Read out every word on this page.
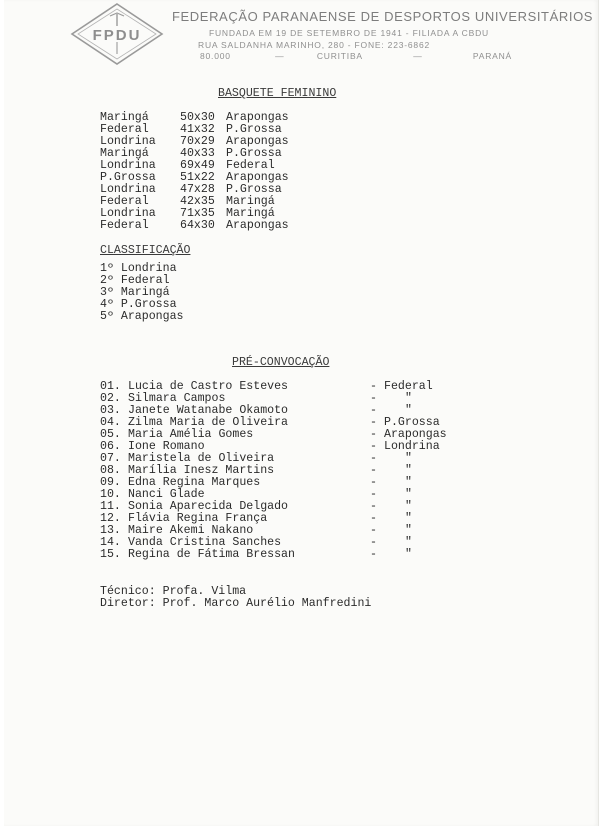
FPDU
FEDERAÇÃO PARANAENSE DE DESPORTOS UNIVERSITÁRIOS
FUNDADA EM 19 DE SETEMBRO DE 1941 - FILIADA A CBDU
RUA SALDANHA MARINHO, 280 - FONE: 223-6862
80.000	—	CURITIBA	—	PARANÁ
BASQUETE FEMININO
Maringá	50x30 Arapongas
Federal	41x32 P.Grossa
Londrina 70x29 Arapongas
Maringá	40x33 P.Grossa
Londrina 69x49 Federal
P.Grossa 51x22 Arapongas
Londrina 47x28 P.Grossa
Federal	42x35 Maringá
Londrina 71x35 Maringá
Federal	64x30 Arapongas
CLASSIFICAÇÃO
1º Londrina
2º Federal
3º Maringá
4º P.Grossa
5º Arapongas
PRÉ-CONVOCAÇÃO
01. Lucia de Castro Esteves	- Federal
02. Silmara Campos	- "
03. Janete Watanabe Okamoto	- "
04. Zilma Maria de Oliveira	- P.Grossa
05. Maria Amélia Gomes	- Arapongas
06. Ione Romano	- Londrina
07. Maristela de Oliveira	- "
08. Marília Inesz Martins	- "
09. Edna Regina Marques	- "
10. Nanci Glade	- "
11. Sonia Aparecida Delgado	- "
12. Flávia Regina França	- "
13. Maire Akemi Nakano	- "
14. Vanda Cristina Sanches	- "
15. Regina de Fátima Bressan	- "
Técnico: Profa. Vilma
Diretor: Prof. Marco Aurélio Manfredini
